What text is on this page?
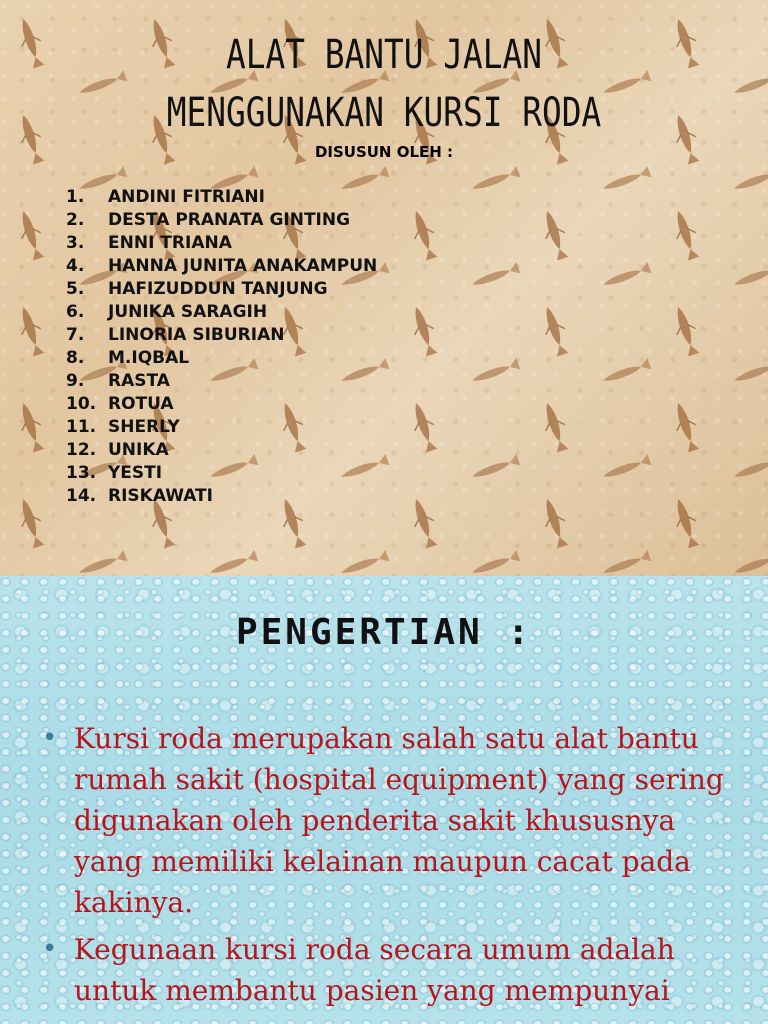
ALAT BANTU JALAN
MENGGUNAKAN KURSI RODA
DISUSUN OLEH :
1. ANDINI FITRIANI
2. DESTA PRANATA GINTING
3. ENNI TRIANA
4. HANNA JUNITA ANAKAMPUN
5. HAFIZUDDUN TANJUNG
6. JUNIKA SARAGIH
7. LINORIA SIBURIAN
8. M.IQBAL
9. RASTA
10. ROTUA
11. SHERLY
12. UNIKA
13. YESTI
14. RISKAWATI
PENGERTIAN :
• Kursi roda merupakan salah satu alat bantu rumah sakit (hospital equipment) yang sering digunakan oleh penderita sakit khususnya yang memiliki kelainan maupun cacat pada kakinya.
• Kegunaan kursi roda secara umum adalah untuk membantu pasien yang mempunyai
